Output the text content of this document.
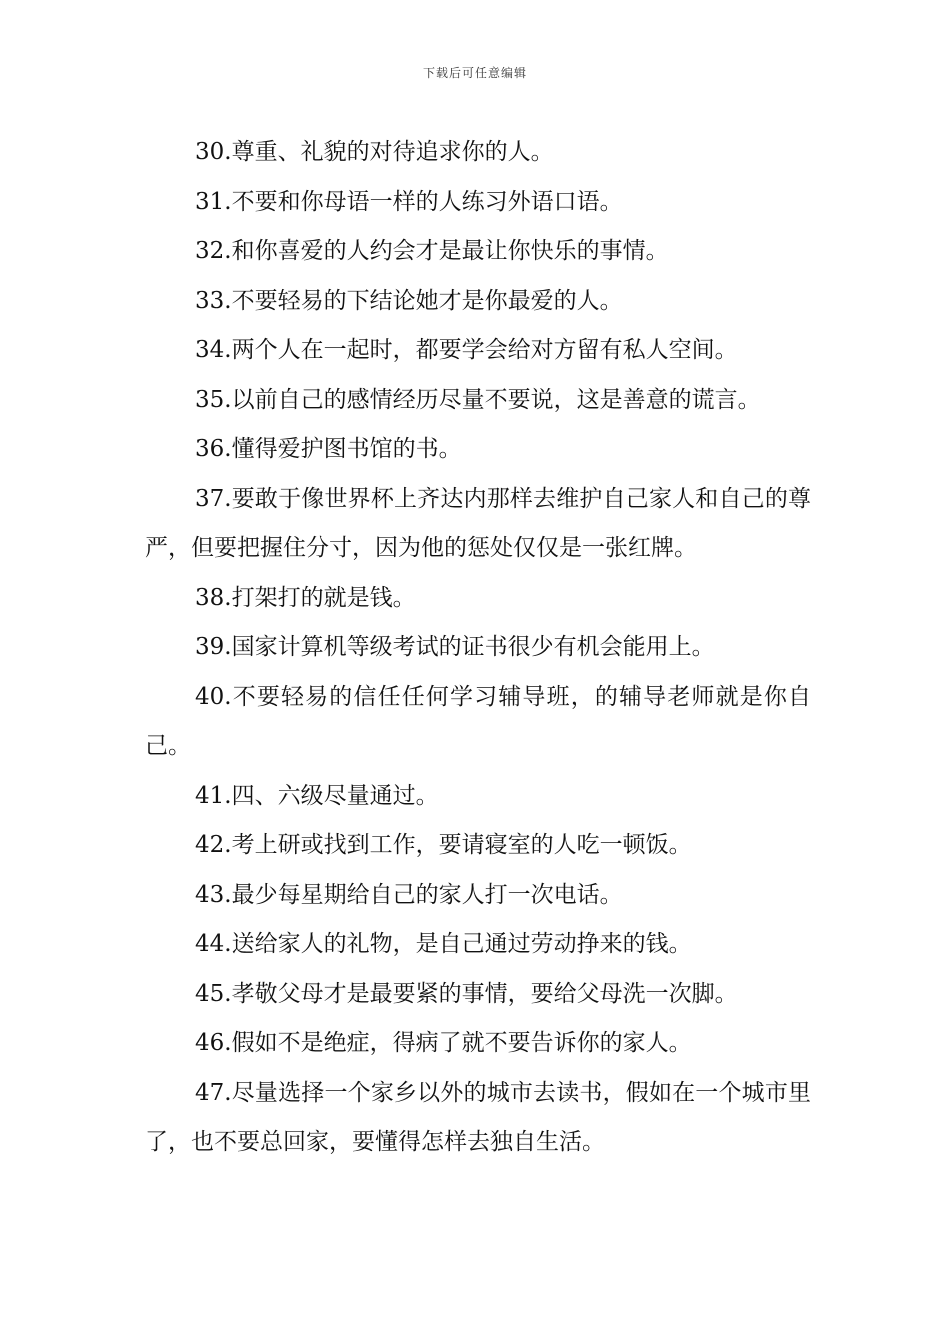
下载后可任意编辑

30.尊重、礼貌的对待追求你的人。

31.不要和你母语一样的人练习外语口语。

32.和你喜爱的人约会才是最让你快乐的事情。

33.不要轻易的下结论她才是你最爱的人。

34.两个人在一起时，都要学会给对方留有私人空间。

35.以前自己的感情经历尽量不要说，这是善意的谎言。

36.懂得爱护图书馆的书。

37.要敢于像世界杯上齐达内那样去维护自己家人和自己的尊严，但要把握住分寸，因为他的惩处仅仅是一张红牌。

38.打架打的就是钱。

39.国家计算机等级考试的证书很少有机会能用上。

40.不要轻易的信任任何学习辅导班，的辅导老师就是你自己。

41.四、六级尽量通过。

42.考上研或找到工作，要请寝室的人吃一顿饭。

43.最少每星期给自己的家人打一次电话。

44.送给家人的礼物，是自己通过劳动挣来的钱。

45.孝敬父母才是最要紧的事情，要给父母洗一次脚。

46.假如不是绝症，得病了就不要告诉你的家人。

47.尽量选择一个家乡以外的城市去读书，假如在一个城市里了，也不要总回家，要懂得怎样去独自生活。
